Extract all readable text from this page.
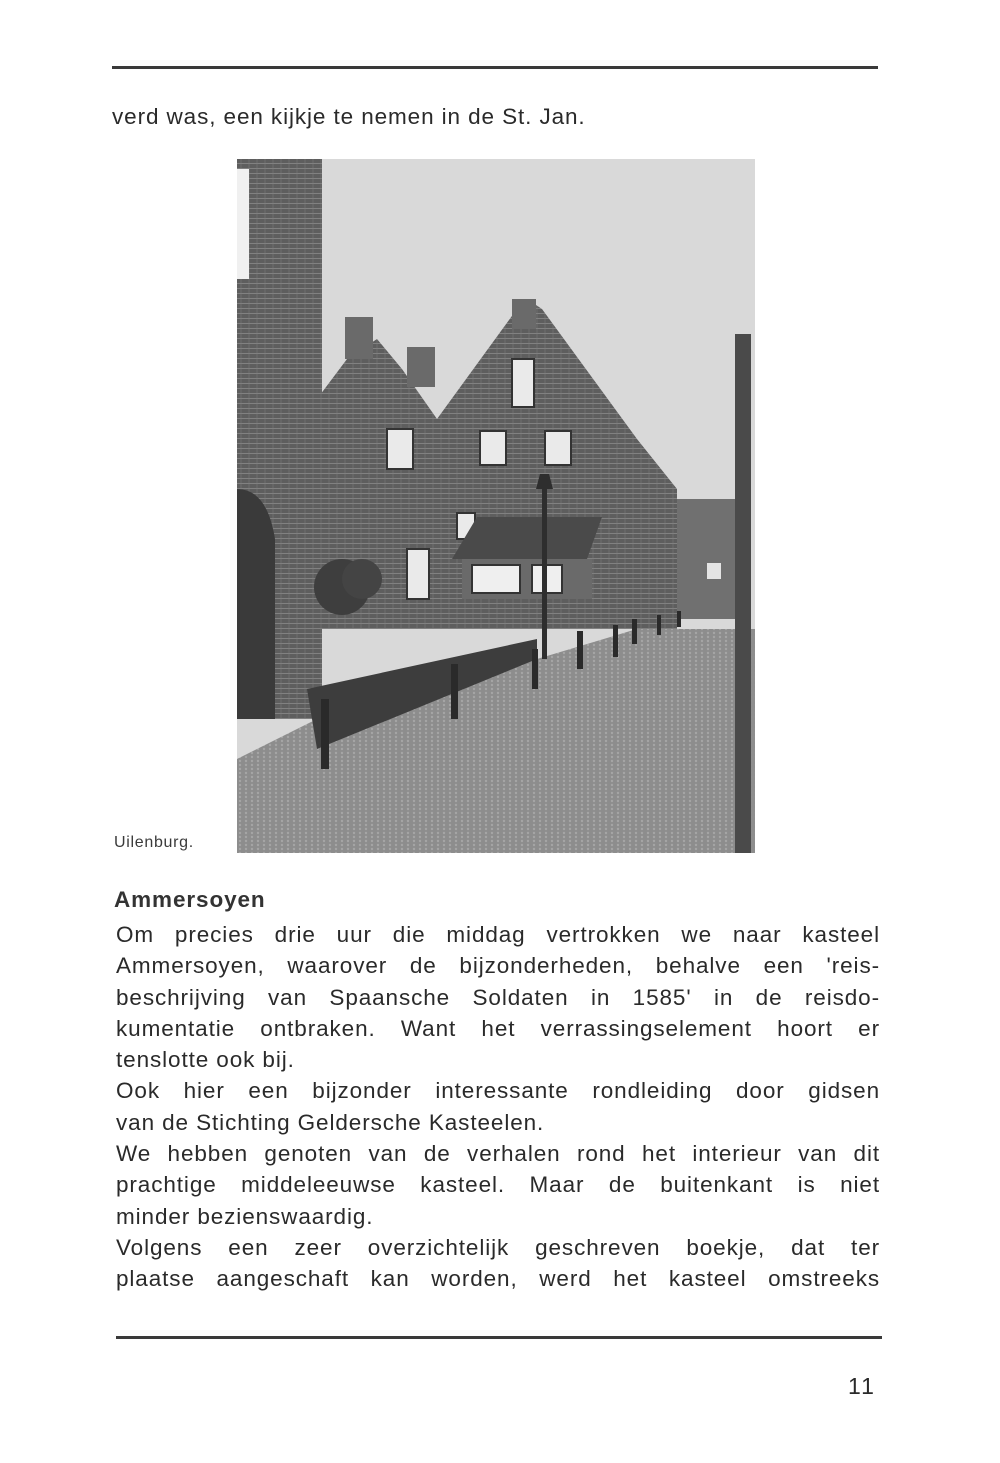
verd was, een kijkje te nemen in de St. Jan.
Uilenburg.
Ammersoyen
Om precies drie uur die middag vertrokken we naar kasteel
Ammersoyen, waarover de bijzonderheden, behalve een 'reis-
beschrijving van Spaansche Soldaten in 1585' in de reisdo-
kumentatie ontbraken. Want het verrassingselement hoort er
tenslotte ook bij.
Ook hier een bijzonder interessante rondleiding door gidsen
van de Stichting Geldersche Kasteelen.
We hebben genoten van de verhalen rond het interieur van dit
prachtige middeleeuwse kasteel. Maar de buitenkant is niet
minder bezienswaardig.
Volgens een zeer overzichtelijk geschreven boekje, dat ter
plaatse aangeschaft kan worden, werd het kasteel omstreeks
11
